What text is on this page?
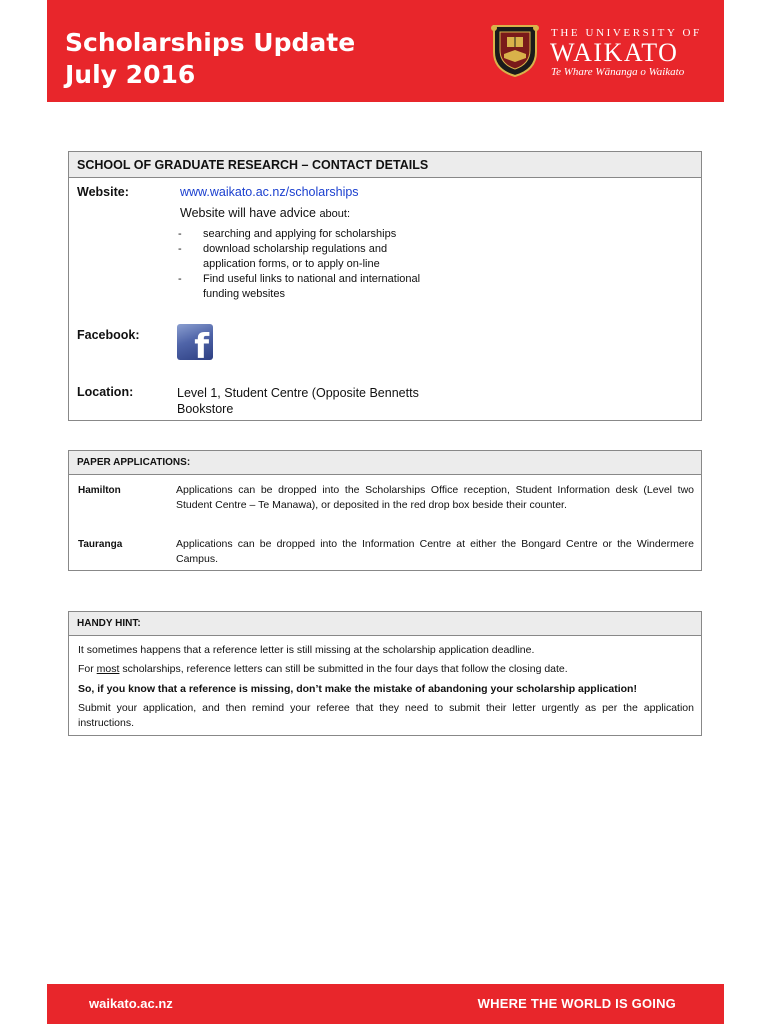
Scholarships Update
July 2016
THE UNIVERSITY OF
WAIKATO
Te Whare Wānanga o Waikato
SCHOOL OF GRADUATE RESEARCH – CONTACT DETAILS
Website:	www.waikato.ac.nz/scholarships
Website will have advice about:
- searching and applying for scholarships
- download scholarship regulations and application forms, or to apply on-line
- Find useful links to national and international funding websites
Facebook: f
Location:	Level 1, Student Centre (Opposite Bennetts
Bookstore
PAPER APPLICATIONS:
Hamilton	Applications can be dropped into the Scholarships Office reception, Student Information desk (Level two Student Centre – Te Manawa), or deposited in the red drop box beside their counter.
Tauranga	Applications can be dropped into the Information Centre at either the Bongard Centre or the Windermere Campus.
HANDY HINT:
It sometimes happens that a reference letter is still missing at the scholarship application deadline.
For most scholarships, reference letters can still be submitted in the four days that follow the closing date.
So, if you know that a reference is missing, don’t make the mistake of abandoning your scholarship application!
Submit your application, and then remind your referee that they need to submit their letter urgently as per the application instructions.
waikato.ac.nz	WHERE THE WORLD IS GOING
